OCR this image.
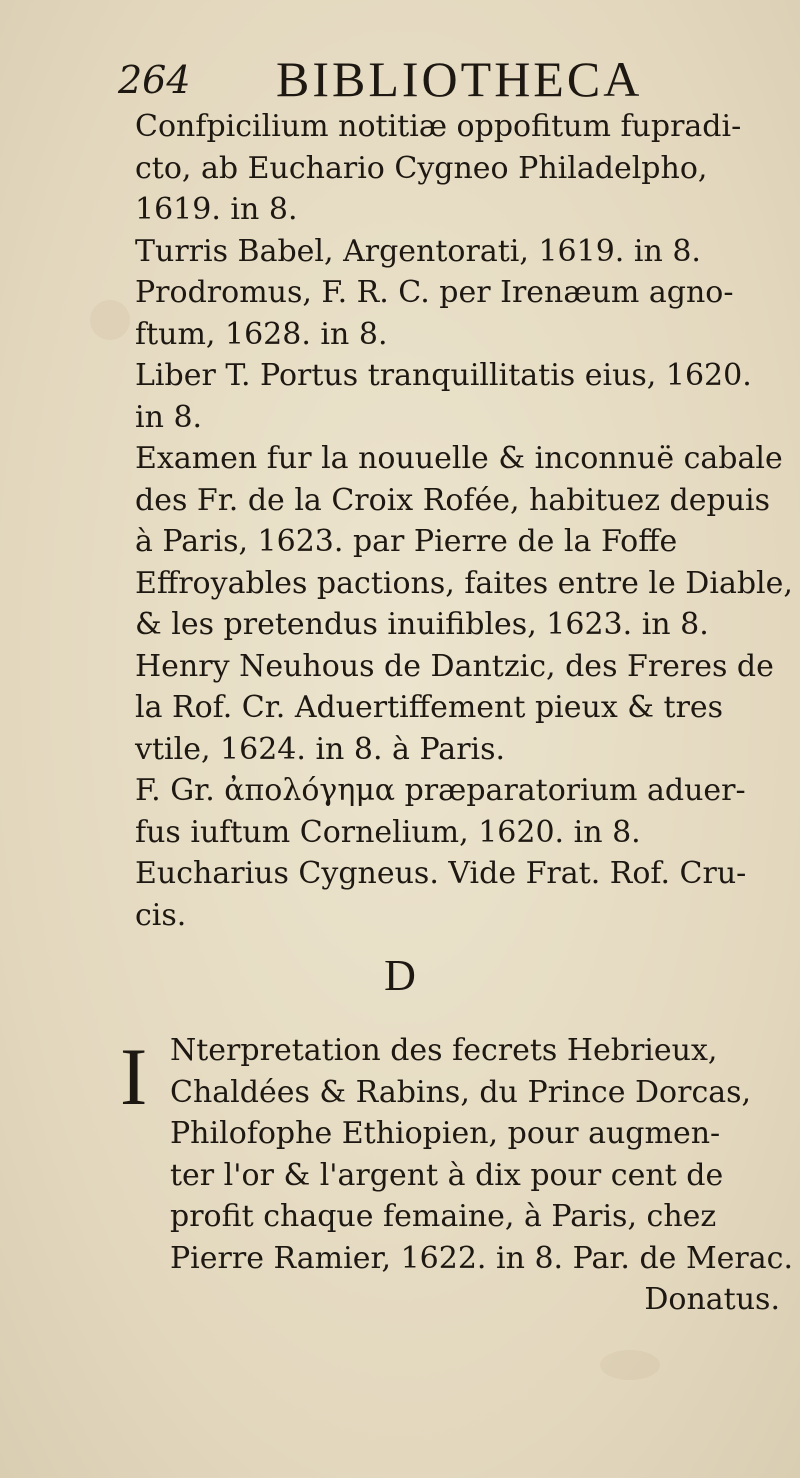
264 BIBLIOTHECA
Confpicilium notitiæ oppofitum fupradi-
cto, ab Euchario Cygneo Philadelpho,
1619. in 8.
Turris Babel, Argentorati, 1619. in 8.
Prodromus, F. R. C. per Irenæum agno-
ftum, 1628. in 8.
Liber T. Portus tranquillitatis eius, 1620.
in 8.
Examen fur la nouuelle & inconnuë cabale
des Fr. de la Croix Rofée, habituez depuis
à Paris, 1623. par Pierre de la Foffe
Effroyables pactions, faites entre le Diable,
& les pretendus inuifibles, 1623. in 8.
Henry Neuhous de Dantzic, des Freres de
la Rof. Cr. Aduertiffement pieux & tres
vtile, 1624. in 8. à Paris.
F. Gr. ἀπολόγημα præparatorium aduer-
fus iuftum Cornelium, 1620. in 8.
Eucharius Cygneus. Vide Frat. Rof. Cru-
cis.
D
I Nterpretation des fecrets Hebrieux,
Chaldées & Rabins, du Prince Dorcas,
Philofophe Ethiopien, pour augmen-
ter l'or & l'argent à dix pour cent de
profit chaque femaine, à Paris, chez
Pierre Ramier, 1622. in 8. Par. de Merac.
Donatus.
